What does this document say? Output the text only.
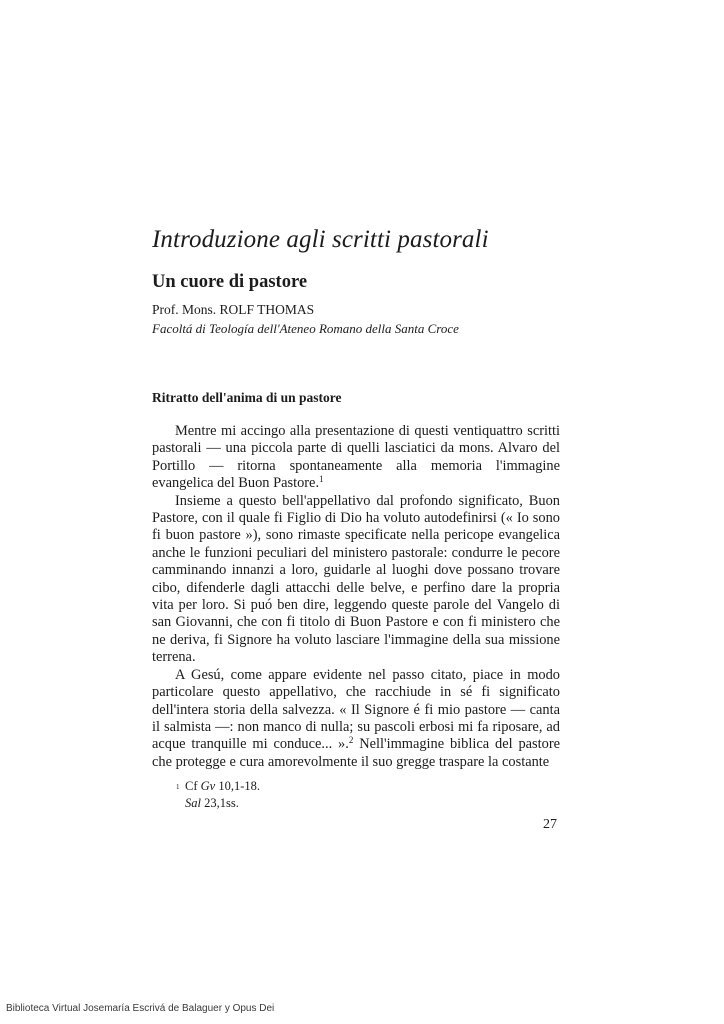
Introduzione agli scritti pastorali
Un cuore di pastore
Prof. Mons. ROLF THOMAS
Facoltá di Teología dell'Ateneo Romano della Santa Croce
Ritratto dell'anima di un pastore

Mentre mi accingo alla presentazione di questi ventiquattro scritti pastorali — una piccola parte di quelli lasciatici da mons. Alvaro del Portillo — ritorna spontaneamente alla memoria l'immagine evangelica del Buon Pastore.$^1$

Insieme a questo bell'appellativo dal profondo significato, Buon Pastore, con il quale fi Figlio di Dio ha voluto autodefinirsi (« Io sono fi buon pastore »), sono rimaste specificate nella pericope evangelica anche le funzioni peculiari del ministero pastorale: condurre le pecore camminando innanzi a loro, guidarle al luoghi dove possano trovare cibo, difenderle dagli attacchi delle belve, e perfino dare la propria vita per loro. Si puó ben dire, leggendo queste parole del Vangelo di san Giovanni, che con fi titolo di Buon Pastore e con fi ministero che ne deriva, fi Signore ha voluto lasciare l'immagine della sua missione terrena.

A Gesú, come appare evidente nel passo citato, piace in modo particolare questo appellativo, che racchiude in sé fi significato dell'intera storia della salvezza. « Il Signore é fi mio pastore — canta il salmista —: non manco di nulla; su pascoli erbosi mi fa riposare, ad acque tranquille mi conduce... ».$^2$ Nell'immagine biblica del pastore che protegge e cura amorevolmente il suo gregge traspare la costante

1 Cf Gv 10,1-18.
Sal 23,1ss.
27
Biblioteca Virtual Josemaría Escrivá de Balaguer y Opus Dei
